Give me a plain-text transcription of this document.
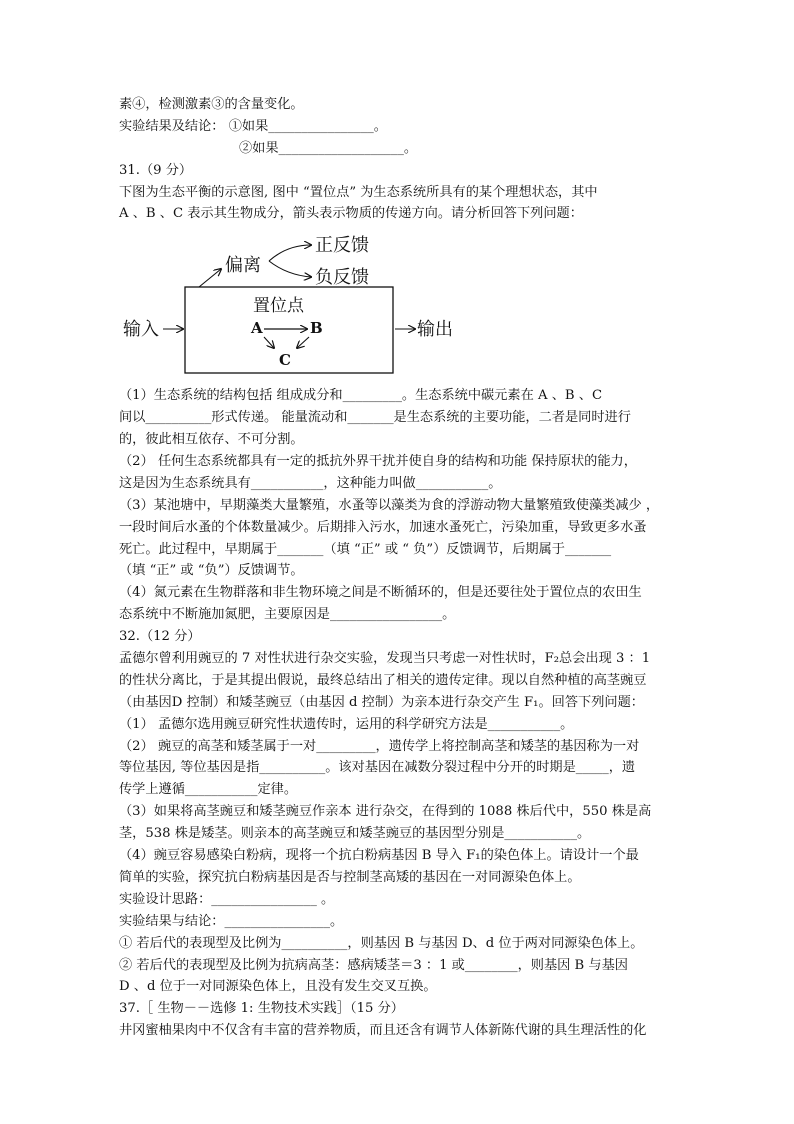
素④，检测激素③的含量变化。
实验结果及结论： ①如果________________。
②如果___________________。
31.（9 分）
下图为生态平衡的示意图, 图中 “置位点” 为生态系统所具有的某个理想状态，其中
A 、B 、C 表示其生物成分，箭头表示物质的传递方向。请分析回答下列问题：
偏离
正反馈
负反馈
置位点
A	B
C
输入	输出
（1）生态系统的结构包括 组成成分和_________。生态系统中碳元素在 A 、B 、C
间以__________形式传递。 能量流动和_______是生态系统的主要功能，二者是同时进行
的，彼此相互依存、不可分割。
（2） 任何生态系统都具有一定的抵抗外界干扰并使自身的结构和功能 保持原状的能力，
这是因为生态系统具有___________，这种能力叫做___________。
（3）某池塘中，早期藻类大量繁殖，水蚤等以藻类为食的浮游动物大量繁殖致使藻类减少 ，
一段时间后水蚤的个体数量减少。后期排入污水，加速水蚤死亡，污染加重，导致更多水蚤
死亡。此过程中，早期属于_______（填 “正” 或 “ 负”）反馈调节，后期属于_______
（填 “正” 或 “负”）反馈调节。
（4）氮元素在生物群落和非生物环境之间是不断循环的，但是还要往处于置位点的农田生
态系统中不断施加氮肥，主要原因是_________________。
32.（12 分）
孟德尔曾利用豌豆的 7 对性状进行杂交实验，发现当只考虑一对性状时，F₂总会出现 3 ：1
的性状分离比，于是其提出假说，最终总结出了相关的遗传定律。现以自然种植的高茎豌豆
（由基因D 控制）和矮茎豌豆（由基因 d 控制）为亲本进行杂交产生 F₁。回答下列问题：
（1） 孟德尔选用豌豆研究性状遗传时，运用的科学研究方法是___________。
（2） 豌豆的高茎和矮茎属于一对_________，遗传学上将控制高茎和矮茎的基因称为一对
等位基因, 等位基因是指__________。该对基因在减数分裂过程中分开的时期是_____，遗
传学上遵循___________定律。
（3）如果将高茎豌豆和矮茎豌豆作亲本 进行杂交，在得到的 1088 株后代中，550 株是高
茎，538 株是矮茎。则亲本的高茎豌豆和矮茎豌豆的基因型分别是___________。
（4）豌豆容易感染白粉病，现将一个抗白粉病基因 B 导入 F₁的染色体上。请设计一个最
简单的实验，探究抗白粉病基因是否与控制茎高矮的基因在一对同源染色体上。
实验设计思路：________________ 。
实验结果与结论：________________。
① 若后代的表现型及比例为__________，则基因 B 与基因 D、d 位于两对同源染色体上。
② 若后代的表现型及比例为抗病高茎：感病矮茎＝3 ：1 或________，则基因 B 与基因
D 、d 位于一对同源染色体上，且没有发生交叉互换。
37.［ 生物－－选修 1: 生物技术实践］（15 分）
井冈蜜柚果肉中不仅含有丰富的营养物质，而且还含有调节人体新陈代谢的具生理活性的化
